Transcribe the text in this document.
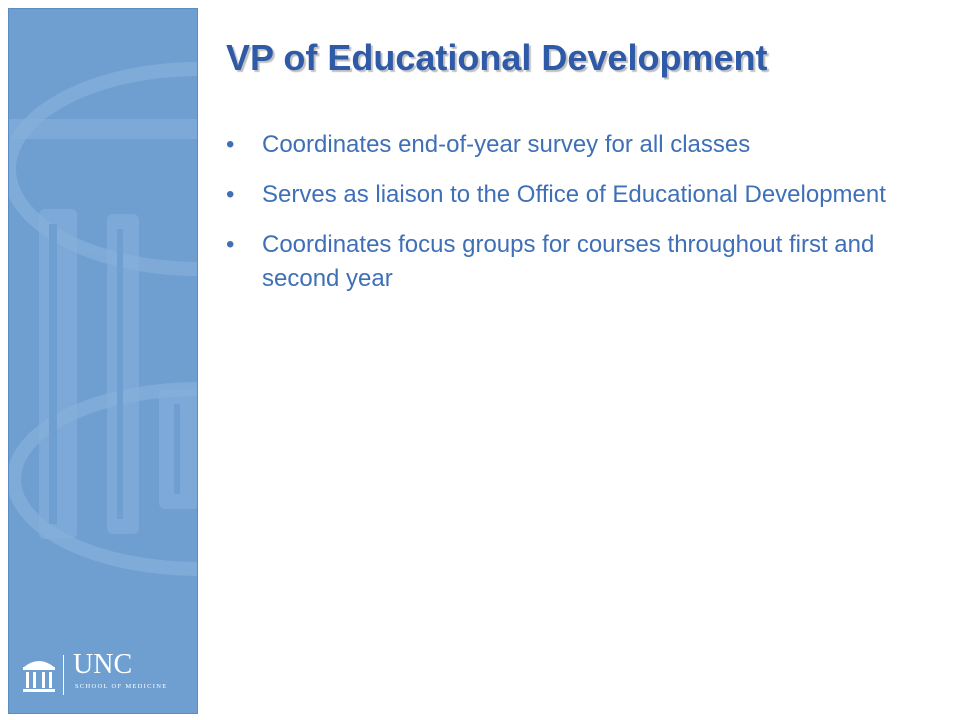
UNC
SCHOOL OF MEDICINE
VP of Educational Development
• Coordinates end-of-year survey for all classes
• Serves as liaison to the Office of Educational Development
• Coordinates focus groups for courses throughout first and second year
